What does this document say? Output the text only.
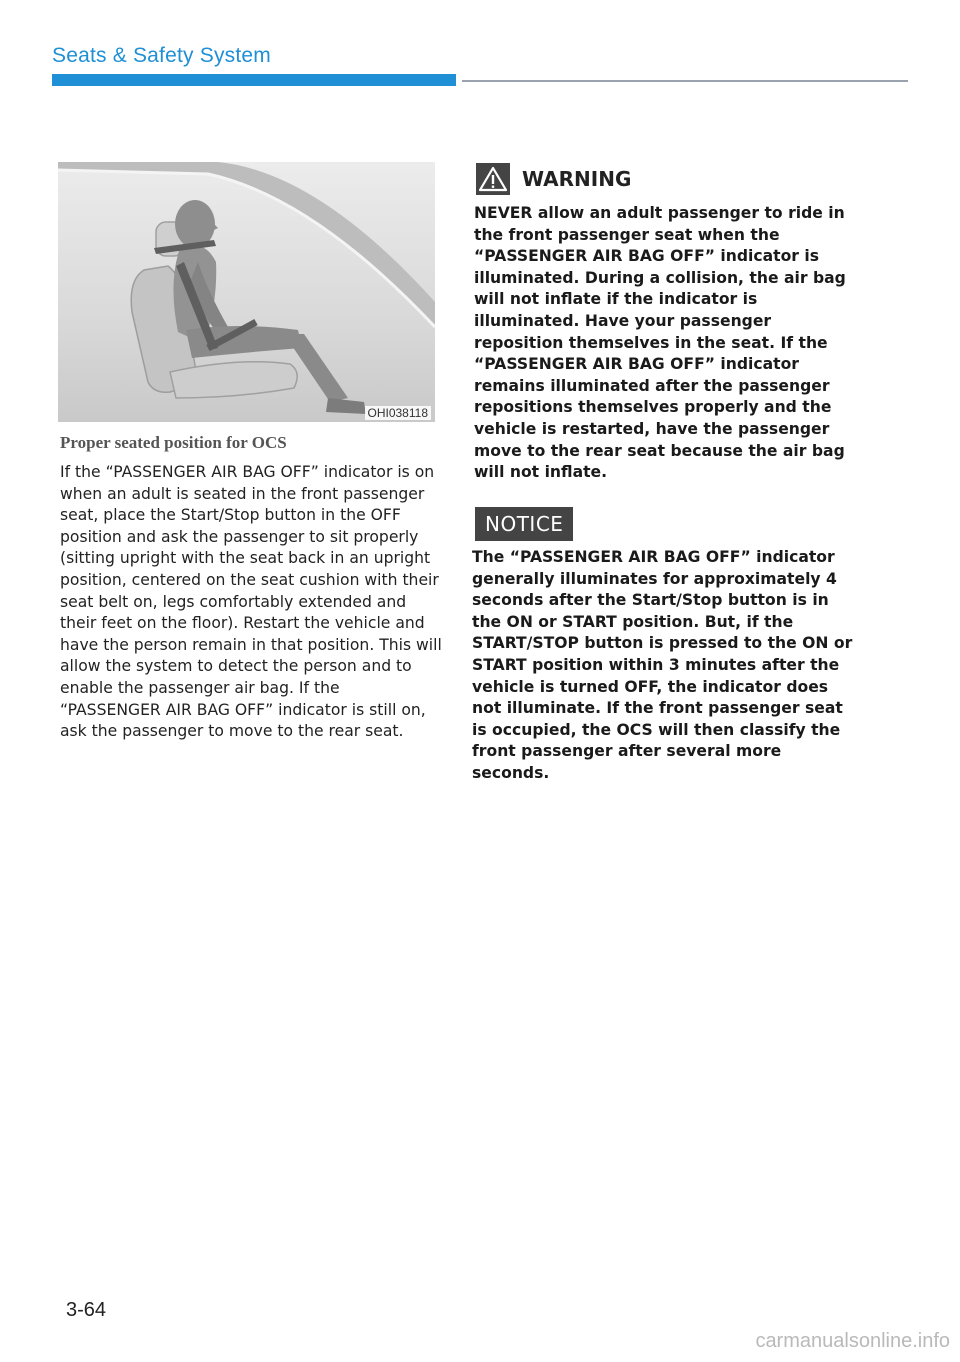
Seats & Safety System
OHI038118
Proper seated position for OCS

If the “PASSENGER AIR BAG OFF” indicator is on when an adult is seated in the front passenger seat, place the Start/Stop button in the OFF position and ask the passenger to sit properly (sitting upright with the seat back in an upright position, centered on the seat cushion with their seat belt on, legs comfortably extended and their feet on the floor). Restart the vehicle and have the person remain in that position. This will allow the system to detect the person and to enable the passenger air bag. If the “PASSENGER AIR BAG OFF” indicator is still on, ask the passenger to move to the rear seat.

WARNING

NEVER allow an adult passenger to ride in the front passenger seat when the “PASSENGER AIR BAG OFF” indicator is illuminated. During a collision, the air bag will not inflate if the indicator is illuminated. Have your passenger reposition themselves in the seat. If the “PASSENGER AIR BAG OFF” indicator remains illuminated after the passenger repositions themselves properly and the vehicle is restarted, have the passenger move to the rear seat because the air bag will not inflate.

NOTICE

The “PASSENGER AIR BAG OFF” indicator generally illuminates for approximately 4 seconds after the Start/Stop button is in the ON or START position. But, if the START/STOP button is pressed to the ON or START position within 3 minutes after the vehicle is turned OFF, the indicator does not illuminate. If the front passenger seat is occupied, the OCS will then classify the front passenger after several more seconds.

3-64
carmanualsonline.info
